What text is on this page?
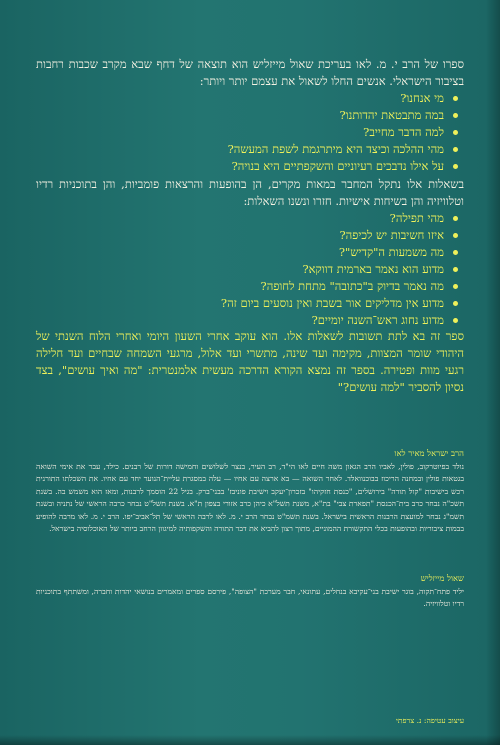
ספרו של הרב י. מ. לאו בעריכת שאול מייזליש הוא תוצאה של דחף שבא מקרב שכבות רחבות בציבור הישראלי. אנשים החלו לשאול את עצמם יותר ויותר:
מי אנחנו?
במה מתבטאת יהדותנו?
למה הדבר מחייב?
מהי ההלכה וכיצד היא מיתרגמת לשפת המעשה?
על אילו נדבכים רעיוניים והשקפתיים היא בנויה?
בשאלות אלו נתקל המחבר במאות מקרים, הן בהופעות והרצאות פומביות, והן בתוכניות רדיו וטלוויזיה והן בשיחות אישיות. חזרו ונשנו השאלות:
מהי תפילה?
איזו חשיבות יש לכיפה?
מה משמעות ה"קדיש"?
מדוע הוא נאמר בארמית דווקא?
מה נאמר בדיוק ב"כתובה" מתחת לחופה?
מדוע אין מדליקים אור בשבת ואין נוסעים ביום זה?
מדוע נחוג ראש־השנה יומיים?
ספר זה בא לתת תשובות לשאלות אלו. הוא עוקב אחרי השעון היומי ואחרי הלוח השנתי של היהודי שומר המצוות, מקימה ועד שינה, מתשרי ועד אלול, מרגעי השמחה שבחיים ועד חלילה רגעי מוות ופטירה. בספר זה נמצא הקורא הדרכה מעשית אלמנטרית: "מה ואיך עושים", בצד נסיון להסביר "למה עושים?"
הרב ישראל מאיר לאו
נולד בפיוטרקוב, פולין, לאביו הרב הגאון משה חיים לאו הי"ד, רב העיר, בנצר לשלושים וחמישה דורות של רבנים. כילד, עבר את אימי השואה בגטאות פולין ובמחנה הריכוז בבוכנוואלד. לאחר השואה — בא ארצה עם אחיו — עלה במסגרת עליית־הנוער יחד עם אחיו. את השכלתו התורנית רכש בישיבות "קול תורה" בירושלים, "כנסת חזקיהו" בזכרון־יעקב וישיבת פוניבז' בבני־ברק. בגיל 22 הוסמך לרבנות, ומאז הוא משמש בה. בשנת תשכ"ה נבחר כרב בית־הכנסת "תפארת צבי" בת"א, משנת תשל"א כיהן כרב אזורי בצפון ת"א. בשנת תשל"ט נבחר כרבה הראשי של נתניה ובשנת תשמ"ג נבחר למועצת הרבנות הראשית בישראל. בשנת תשמ"ט נבחר הרב י. מ. לאו לרבה הראשי של תל־אביב־יפו. הרב י. מ. לאו מרבה להופיע בבמות ציבוריות ובהופעות בכלי התקשורת ההמוניים, מתוך רצון להביא את דבר התורה והשקפותיה למיגוון הרחב ביותר של האוכלוסיה בישראל.
שאול מייזליש
יליד פתח־תקוה, בוגר ישיבת בני־עקיבא בנחלים, עתונאי, חבר מערכת "הצופה", פירסם ספרים ומאמרים בנושאי יהדות וחברה, ומשתתף בתוכניות רדיו וטלוויזיה.
עיצוב עטיפה: נ. צרפתי
